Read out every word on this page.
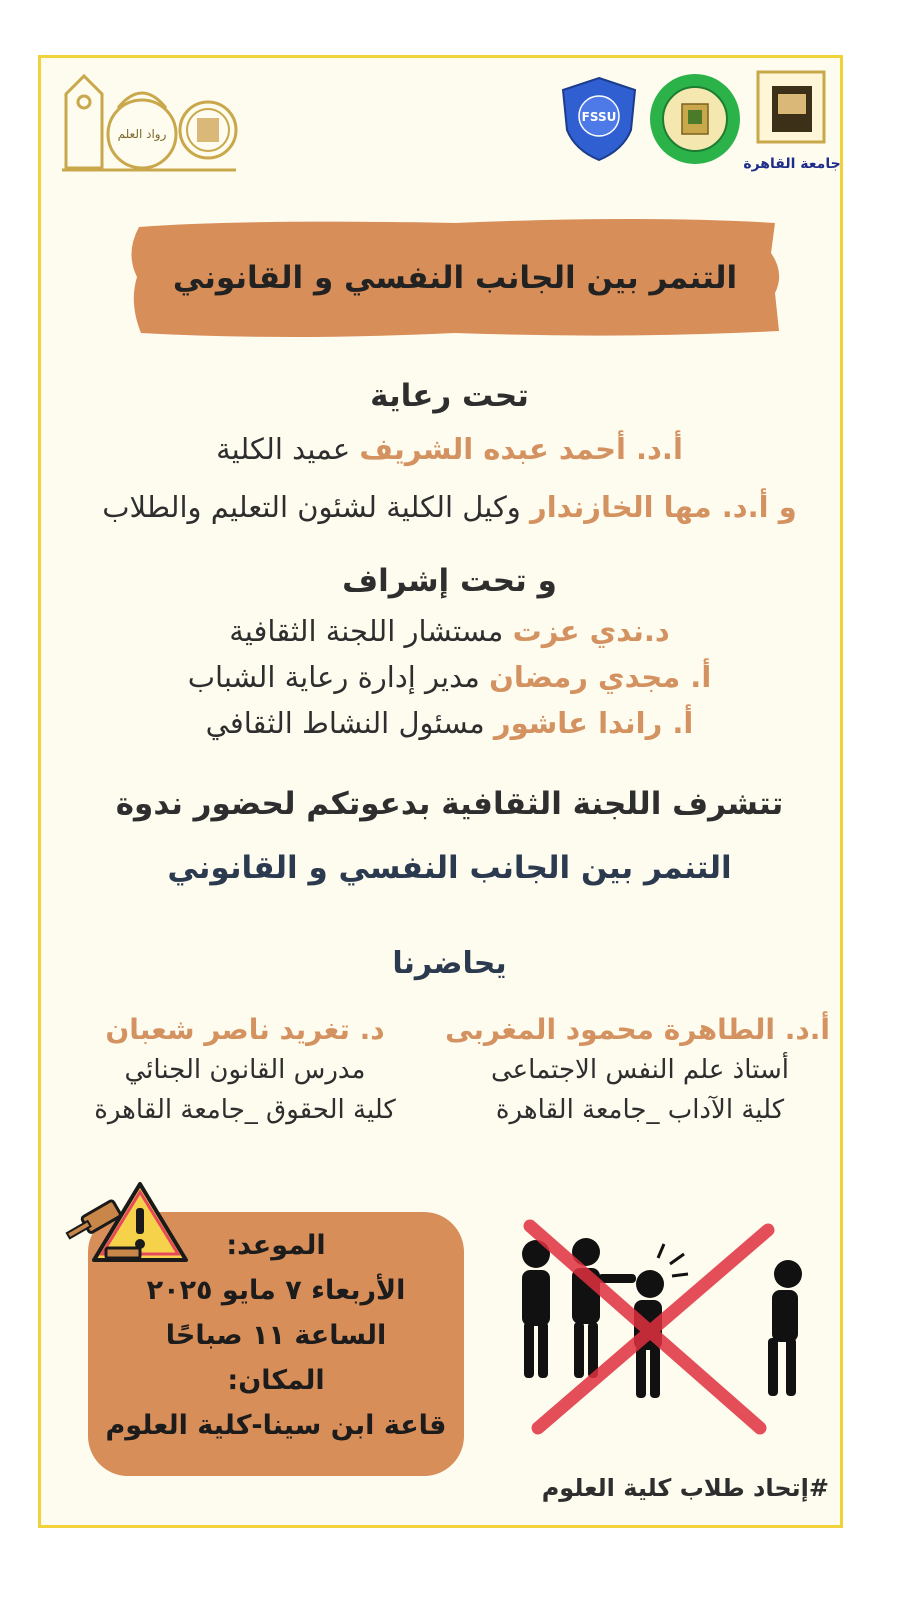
رواد العلم
FSSU
جامعة القاهرة
التنمر بين الجانب النفسي و القانوني
تحت رعاية
أ.د. أحمد عبده الشريف عميد الكلية
و أ.د. مها الخازندار وكيل الكلية لشئون التعليم والطلاب
و تحت إشراف
د.ندي عزت مستشار اللجنة الثقافية
أ. مجدي رمضان مدير إدارة رعاية الشباب
أ. راندا عاشور مسئول النشاط الثقافي
تتشرف اللجنة الثقافية بدعوتكم لحضور ندوة
التنمر بين الجانب النفسي و القانوني
يحاضرنا
أ.د. الطاهرة محمود المغربى
أستاذ علم النفس الاجتماعى
كلية الآداب _جامعة القاهرة
د. تغريد ناصر شعبان
مدرس القانون الجنائي
كلية الحقوق _جامعة القاهرة
الموعد:
الأربعاء ٧ مايو ٢٠٢٥
الساعة ١١ صباحًا
المكان:
قاعة ابن سينا-كلية العلوم
#إتحاد طلاب كلية العلوم
